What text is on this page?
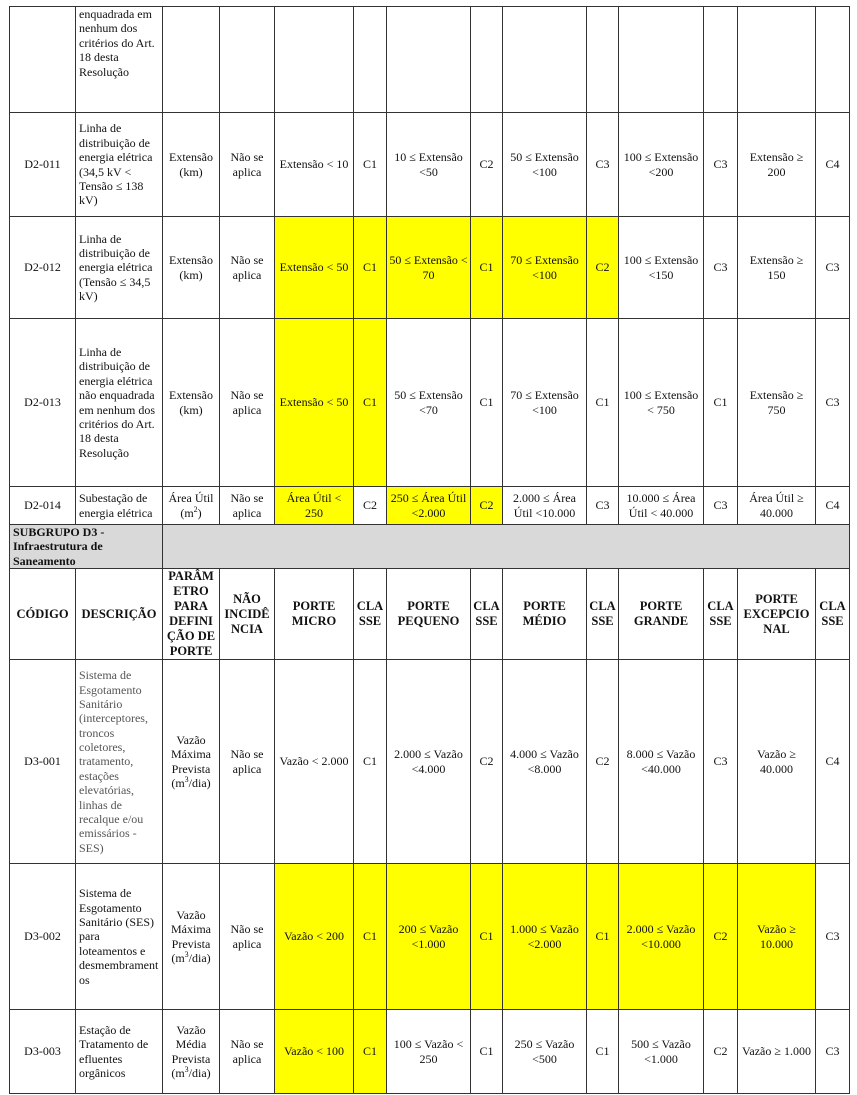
	enquadrada em nenhum dos critérios do Art. 18 desta Resolução												
D2-011	Linha de distribuição de energia elétrica (34,5 kV < Tensão ≤ 138 kV)	Extensão (km)	Não se aplica	Extensão < 10	C1	10 ≤ Extensão <50	C2	50 ≤ Extensão <100	C3	100 ≤ Extensão <200	C3	Extensão ≥ 200	C4
D2-012	Linha de distribuição de energia elétrica (Tensão ≤ 34,5 kV)	Extensão (km)	Não se aplica	Extensão < 50	C1	50 ≤ Extensão < 70	C1	70 ≤ Extensão <100	C2	100 ≤ Extensão <150	C3	Extensão ≥ 150	C3
D2-013	Linha de distribuição de energia elétrica não enquadrada em nenhum dos critérios do Art. 18 desta Resolução	Extensão (km)	Não se aplica	Extensão < 50	C1	50 ≤ Extensão <70	C1	70 ≤ Extensão <100	C1	100 ≤ Extensão < 750	C1	Extensão ≥ 750	C3
D2-014	Subestação de energia elétrica	Área Útil $(m^2)$	Não se aplica	Área Útil < 250	C2	250 ≤ Área Útil <2.000	C2	2.000 ≤ Área Útil <10.000	C3	10.000 ≤ Área Útil < 40.000	C3	Área Útil ≥ 40.000	C4
SUBGRUPO D3 - Infraestrutura de Saneamento													
CÓDIGO	DESCRIÇÃO	PARÂMETRO PARA DEFINIÇÃO DE PORTE	NÃO INCIDÊNCIA	PORTE MICRO	CLASSE	PORTE PEQUENO	CLASSE	PORTE MÉDIO	CLASSE	PORTE GRANDE	CLASSE	PORTE EXCEPCIONAL	CLASSE
D3-001	Sistema de Esgotamento Sanitário (interceptores, troncos coletores, tratamento, estações elevatórias, linhas de recalque e/ou emissários - SES)	Vazão Máxima Prevista $(m^3/dia)$	Não se aplica	Vazão < 2.000	C1	2.000 ≤ Vazão <4.000	C2	4.000 ≤ Vazão <8.000	C2	8.000 ≤ Vazão <40.000	C3	Vazão ≥ 40.000	C4
D3-002	Sistema de Esgotamento Sanitário (SES) para loteamentos e desmembramentos	Vazão Máxima Prevista $(m^3/dia)$	Não se aplica	Vazão < 200	C1	200 ≤ Vazão <1.000	C1	1.000 ≤ Vazão <2.000	C1	2.000 ≤ Vazão <10.000	C2	Vazão ≥ 10.000	C3
D3-003	Estação de Tratamento de efluentes orgânicos	Vazão Média Prevista $(m^3/dia)$	Não se aplica	Vazão < 100	C1	100 ≤ Vazão < 250	C1	250 ≤ Vazão <500	C1	500 ≤ Vazão <1.000	C2	Vazão ≥ 1.000	C3
